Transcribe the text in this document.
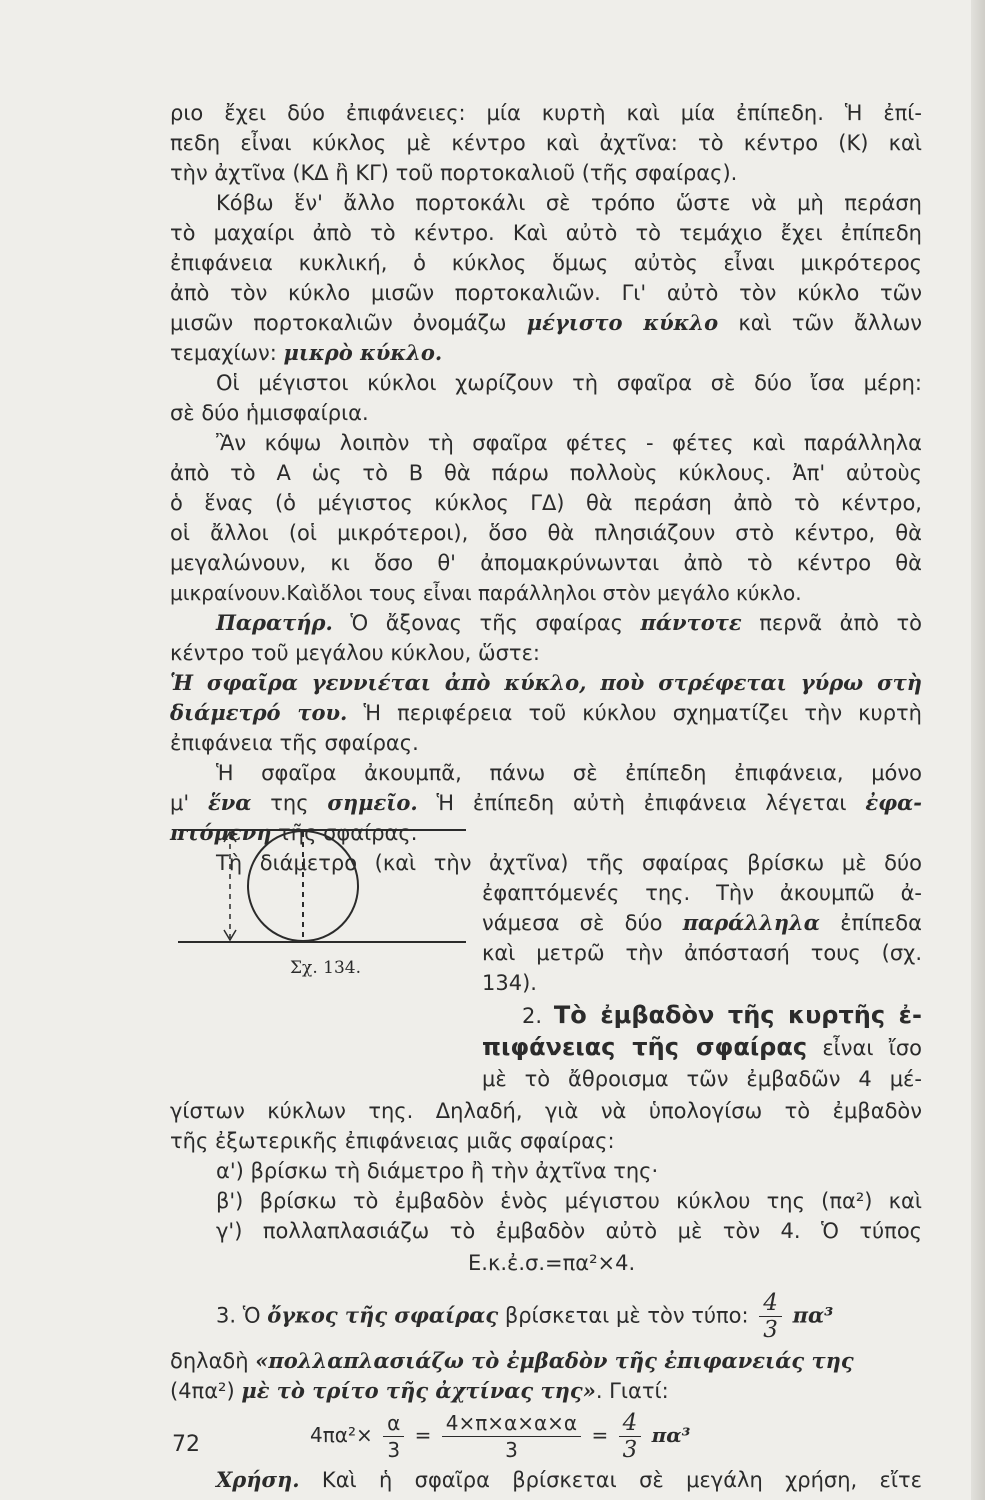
ριο ἔχει δύο ἐπιφάνειες: μία κυρτὴ καὶ μία ἐπίπεδη. Ἡ ἐπί-
πεδη εἶναι κύκλος μὲ κέντρο καὶ ἀχτῖνα: τὸ κέντρο (Κ) καὶ
τὴν ἀχτῖνα (ΚΔ ἢ ΚΓ) τοῦ πορτοκαλιοῦ (τῆς σφαίρας).
Κόβω ἕν' ἄλλο πορτοκάλι σὲ τρόπο ὥστε νὰ μὴ περάση
τὸ μαχαίρι ἀπὸ τὸ κέντρο. Καὶ αὐτὸ τὸ τεμάχιο ἔχει ἐπίπεδη
ἐπιφάνεια κυκλική, ὁ κύκλος ὅμως αὐτὸς εἶναι μικρότερος
ἀπὸ τὸν κύκλο μισῶν πορτοκαλιῶν. Γι' αὐτὸ τὸν κύκλο τῶν
μισῶν πορτοκαλιῶν ὀνομάζω μέγιστο κύκλο καὶ τῶν ἄλλων
τεμαχίων: μικρὸ κύκλο.
Οἱ μέγιστοι κύκλοι χωρίζουν τὴ σφαῖρα σὲ δύο ἴσα μέρη:
σὲ δύο ἡμισφαίρια.
Ἂν κόψω λοιπὸν τὴ σφαῖρα φέτες - φέτες καὶ παράλληλα
ἀπὸ τὸ Α ὡς τὸ Β θὰ πάρω πολλοὺς κύκλους. Ἀπ' αὐτοὺς
ὁ ἕνας (ὁ μέγιστος κύκλος ΓΔ) θὰ περάση ἀπὸ τὸ κέντρο,
οἱ ἄλλοι (οἱ μικρότεροι), ὅσο θὰ πλησιάζουν στὸ κέντρο, θὰ
μεγαλώνουν, κι ὅσο θ' ἀπομακρύνωνται ἀπὸ τὸ κέντρο θὰ
μικραίνουν.Καὶὅλοι τους εἶναι παράλληλοι στὸν μεγάλο κύκλο.
Παρατήρ. Ὁ ἄξονας τῆς σφαίρας πάντοτε περνᾶ ἀπὸ τὸ
κέντρο τοῦ μεγάλου κύκλου, ὥστε:
Ἡ σφαῖρα γεννιέται ἀπὸ κύκλο, ποὺ στρέφεται γύρω στὴ
διάμετρό του. Ἡ περιφέρεια τοῦ κύκλου σχηματίζει τὴν κυρτὴ
ἐπιφάνεια τῆς σφαίρας.
Ἡ σφαῖρα ἀκουμπᾶ, πάνω σὲ ἐπίπεδη ἐπιφάνεια, μόνο
μ' ἕνα της σημεῖο. Ἡ ἐπίπεδη αὐτὴ ἐπιφάνεια λέγεται ἐφα-
πτόμενη τῆς σφαίρας.
Τὴ διάμετρο (καὶ τὴν ἀχτῖνα) τῆς σφαίρας βρίσκω μὲ δύο
ἐφαπτόμενές της. Τὴν ἀκουμπῶ ἀ-
νάμεσα σὲ δύο παράλληλα ἐπίπεδα
καὶ μετρῶ τὴν ἀπόστασή τους (σχ.
134).
2. Τὸ ἐμβαδὸν τῆς κυρτῆς ἐ-
πιφάνειας τῆς σφαίρας εἶναι ἴσο
μὲ τὸ ἄθροισμα τῶν ἐμβαδῶν 4 μέ-
Σχ. 134.
γίστων κύκλων της. Δηλαδή, γιὰ νὰ ὑπολογίσω τὸ ἐμβαδὸν
τῆς ἐξωτερικῆς ἐπιφάνειας μιᾶς σφαίρας:
α') βρίσκω τὴ διάμετρο ἢ τὴν ἀχτῖνα της·
β') βρίσκω τὸ ἐμβαδὸν ἑνὸς μέγιστου κύκλου της (πα²) καὶ
γ') πολλαπλασιάζω τὸ ἐμβαδὸν αὐτὸ μὲ τὸν 4. Ὁ τύπος
Ε.κ.ἐ.σ.=πα²×4.
3. Ὁ ὄγκος τῆς σφαίρας βρίσκεται μὲ τὸν τύπο: $\frac{4}{3} \pi\alpha^3$
δηλαδὴ «πολλαπλασιάζω τὸ ἐμβαδὸν τῆς ἐπιφανειάς της
(4πα²) μὲ τὸ τρίτο τῆς ἀχτίνας της». Γιατί:
$4\pi\alpha^2\times \frac{\alpha}{3} = \frac{4\times\pi\times\alpha\times\alpha\times\alpha}{3} = \frac{4}{3} \pi\alpha^3$
Χρήση. Καὶ ἡ σφαῖρα βρίσκεται σὲ μεγάλη χρήση, εἴτε
72
